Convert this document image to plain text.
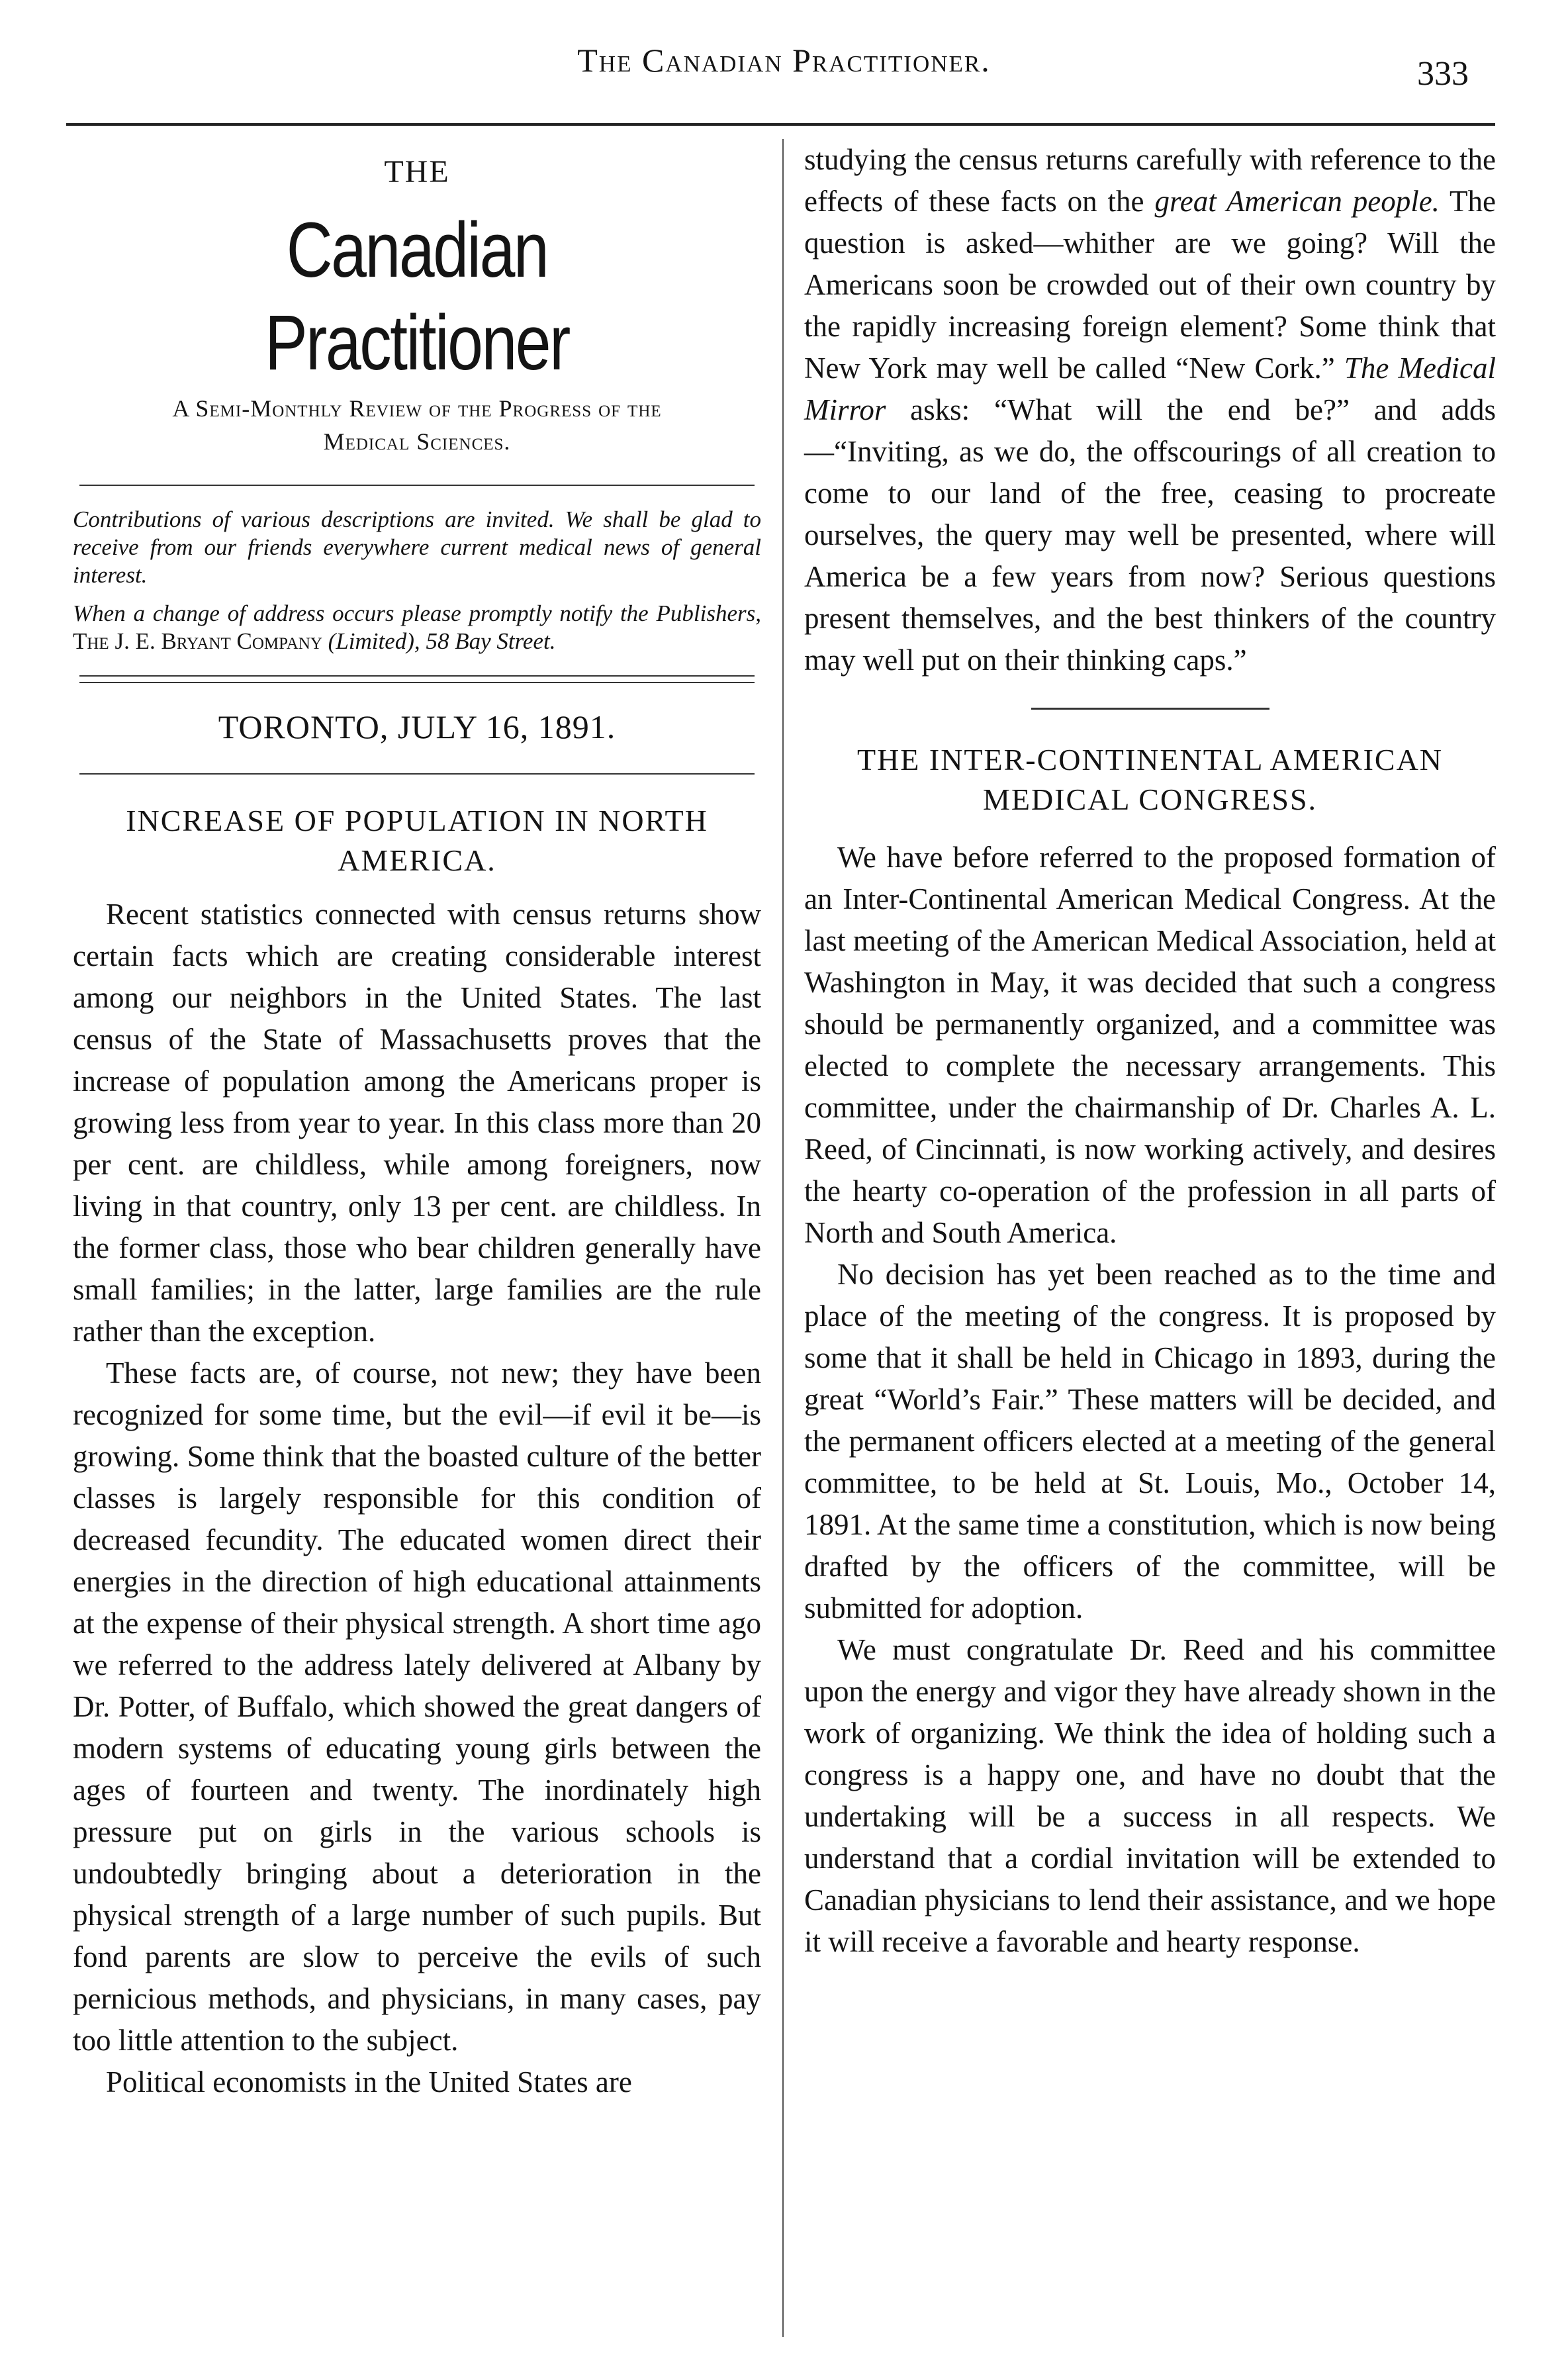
The Canadian Practitioner.	333
THE
Canadian Practitioner
A Semi-Monthly Review of the Progress of the Medical Sciences.

Contributions of various descriptions are invited. We shall be glad to receive from our friends everywhere current medical news of general interest.

When a change of address occurs please promptly notify the Publishers, The J. E. Bryant Company (Limited), 58 Bay Street.

TORONTO, JULY 16, 1891.
INCREASE OF POPULATION IN NORTH AMERICA.

Recent statistics connected with census returns show certain facts which are creating considerable interest among our neighbors in the United States. The last census of the State of Massachusetts proves that the increase of population among the Americans proper is growing less from year to year. In this class more than 20 per cent. are childless, while among foreigners, now living in that country, only 13 per cent. are childless. In the former class, those who bear children generally have small families; in the latter, large families are the rule rather than the exception.

These facts are, of course, not new; they have been recognized for some time, but the evil—if evil it be—is growing. Some think that the boasted culture of the better classes is largely responsible for this condition of decreased fecundity. The educated women direct their energies in the direction of high educational attainments at the expense of their physical strength. A short time ago we referred to the address lately delivered at Albany by Dr. Potter, of Buffalo, which showed the great dangers of modern systems of educating young girls between the ages of fourteen and twenty. The inordinately high pressure put on girls in the various schools is undoubtedly bringing about a deterioration in the physical strength of a large number of such pupils. But fond parents are slow to perceive the evils of such pernicious methods, and physicians, in many cases, pay too little attention to the subject.

Political economists in the United States are

studying the census returns carefully with reference to the effects of these facts on the great American people. The question is asked—whither are we going? Will the Americans soon be crowded out of their own country by the rapidly increasing foreign element? Some think that New York may well be called “New Cork.” The Medical Mirror asks: “What will the end be?” and adds—“Inviting, as we do, the offscourings of all creation to come to our land of the free, ceasing to procreate ourselves, the query may well be presented, where will America be a few years from now? Serious questions present themselves, and the best thinkers of the country may well put on their thinking caps.”

THE INTER-CONTINENTAL AMERICAN MEDICAL CONGRESS.

We have before referred to the proposed formation of an Inter-Continental American Medical Congress. At the last meeting of the American Medical Association, held at Washington in May, it was decided that such a congress should be permanently organized, and a committee was elected to complete the necessary arrangements. This committee, under the chairmanship of Dr. Charles A. L. Reed, of Cincinnati, is now working actively, and desires the hearty co-operation of the profession in all parts of North and South America.

No decision has yet been reached as to the time and place of the meeting of the congress. It is proposed by some that it shall be held in Chicago in 1893, during the great “World’s Fair.” These matters will be decided, and the permanent officers elected at a meeting of the general committee, to be held at St. Louis, Mo., October 14, 1891. At the same time a constitution, which is now being drafted by the officers of the committee, will be submitted for adoption.

We must congratulate Dr. Reed and his committee upon the energy and vigor they have already shown in the work of organizing. We think the idea of holding such a congress is a happy one, and have no doubt that the undertaking will be a success in all respects. We understand that a cordial invitation will be extended to Canadian physicians to lend their assistance, and we hope it will receive a favorable and hearty response.
